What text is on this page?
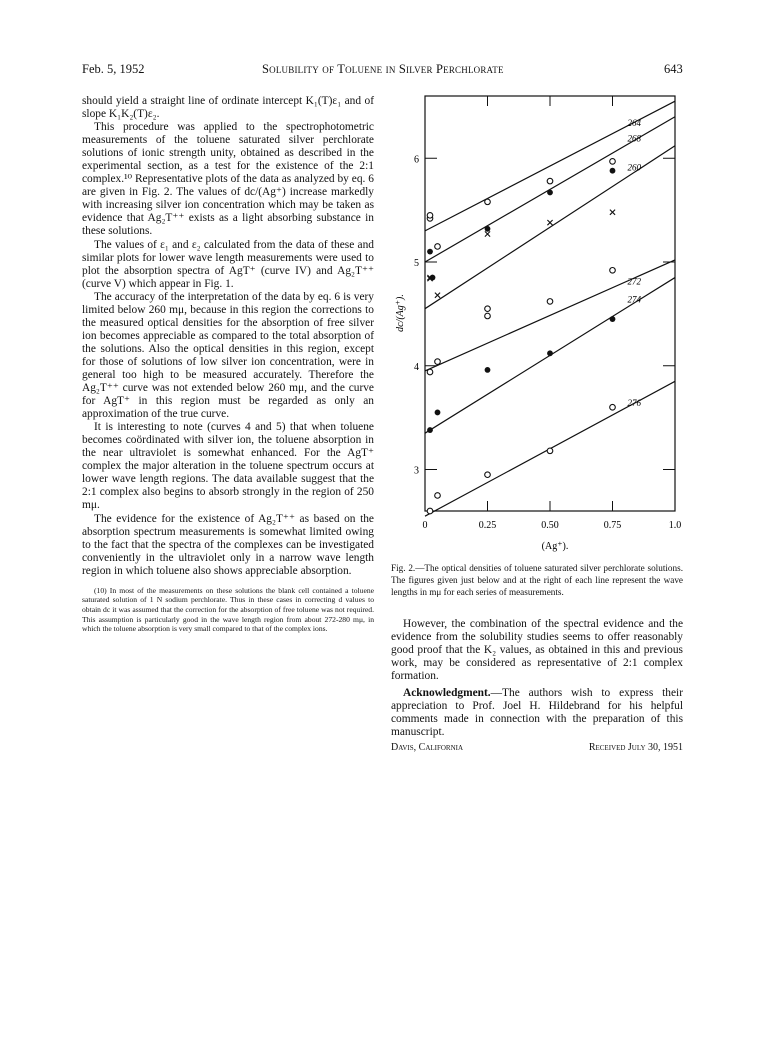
Feb. 5, 1952	Solubility of Toluene in Silver Perchlorate	643

should yield a straight line of ordinate intercept K₁(T)ε₁ and of slope K₁K₂(T)ε₂.

This procedure was applied to the spectrophotometric measurements of the toluene saturated silver perchlorate solutions of ionic strength unity, obtained as described in the experimental section, as a test for the existence of the 2:1 complex.¹⁰ Representative plots of the data as analyzed by eq. 6 are given in Fig. 2. The values of dc/(Ag⁺) increase markedly with increasing silver ion concentration which may be taken as evidence that Ag₂T⁺⁺ exists as a light absorbing substance in these solutions.

The values of ε₁ and ε₂ calculated from the data of these and similar plots for lower wave length measurements were used to plot the absorption spectra of AgT⁺ (curve IV) and Ag₂T⁺⁺ (curve V) which appear in Fig. 1.

The accuracy of the interpretation of the data by eq. 6 is very limited below 260 mμ, because in this region the corrections to the measured optical densities for the absorption of free silver ion becomes appreciable as compared to the total absorption of the solutions. Also the optical densities in this region, except for those of solutions of low silver ion concentration, were in general too high to be measured accurately. Therefore the Ag₂T⁺⁺ curve was not extended below 260 mμ, and the curve for AgT⁺ in this region must be regarded as only an approximation of the true curve.

It is interesting to note (curves 4 and 5) that when toluene becomes coördinated with silver ion, the toluene absorption in the near ultraviolet is somewhat enhanced. For the AgT⁺ complex the major alteration in the toluene spectrum occurs at lower wave length regions. The data available suggest that the 2:1 complex also begins to absorb strongly in the region of 250 mμ.

The evidence for the existence of Ag₂T⁺⁺ as based on the absorption spectrum measurements is somewhat limited owing to the fact that the spectra of the complexes can be investigated conveniently in the ultraviolet only in a narrow wave length region in which toluene also shows appreciable absorption.

(10) In most of the measurements on these solutions the blank cell contained a toluene saturated solution of 1 N sodium perchlorate. Thus in these cases in correcting d values to obtain dc it was assumed that the correction for the absorption of free toluene was not required. This assumption is particularly good in the wave length region from about 272-280 mμ, in which the toluene absorption is very small compared to that of the complex ions.

0	0.25	0.50	0.75	1.0
3
4
5
6
264
268
260
272
274
276
dc/(Ag⁺).
(Ag⁺).
Fig. 2.—The optical densities of toluene saturated silver perchlorate solutions. The figures given just below and at the right of each line represent the wave lengths in mμ for each series of measurements.

However, the combination of the spectral evidence and the evidence from the solubility studies seems to offer reasonably good proof that the K₂ values, as obtained in this and previous work, may be considered as representative of 2:1 complex formation.

Acknowledgment.—The authors wish to express their appreciation to Prof. Joel H. Hildebrand for his helpful comments made in connection with the preparation of this manuscript.

Davis, California	Received July 30, 1951
